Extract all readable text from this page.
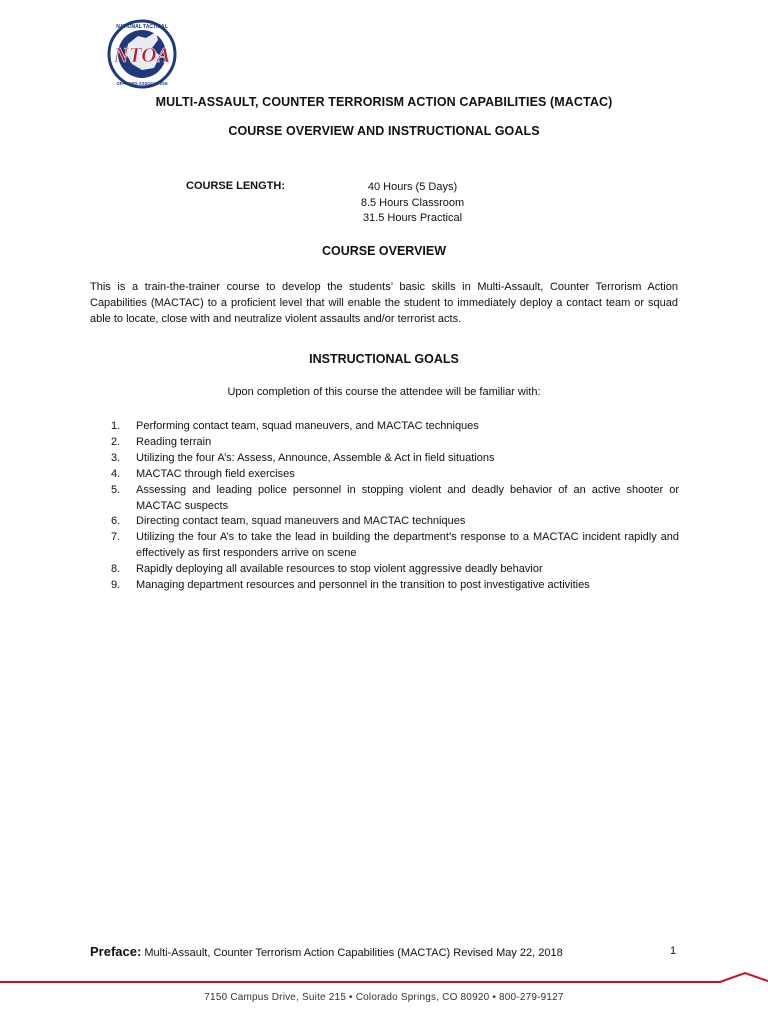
NTOA
NATIONAL TACTICAL
OFFICERS ASSOCIATION
MULTI-ASSAULT, COUNTER TERRORISM ACTION CAPABILITIES (MACTAC)
COURSE OVERVIEW AND INSTRUCTIONAL GOALS
COURSE LENGTH:	40 Hours (5 Days)
8.5 Hours Classroom
31.5 Hours Practical
COURSE OVERVIEW
This is a train-the-trainer course to develop the students’ basic skills in Multi-Assault, Counter Terrorism Action Capabilities (MACTAC) to a proficient level that will enable the student to immediately deploy a contact team or squad able to locate, close with and neutralize violent assaults and/or terrorist acts.
INSTRUCTIONAL GOALS
Upon completion of this course the attendee will be familiar with:
1. Performing contact team, squad maneuvers, and MACTAC techniques
2. Reading terrain
3. Utilizing the four A’s: Assess, Announce, Assemble & Act in field situations
4. MACTAC through field exercises
5. Assessing and leading police personnel in stopping violent and deadly behavior of an active shooter or MACTAC suspects
6. Directing contact team, squad maneuvers and MACTAC techniques
7. Utilizing the four A’s to take the lead in building the department’s response to a MACTAC incident rapidly and effectively as first responders arrive on scene
8. Rapidly deploying all available resources to stop violent aggressive deadly behavior
9. Managing department resources and personnel in the transition to post investigative activities
Preface: Multi-Assault, Counter Terrorism Action Capabilities (MACTAC) Revised May 22, 2018	1
7150 Campus Drive, Suite 215 • Colorado Springs, CO 80920 • 800-279-9127
